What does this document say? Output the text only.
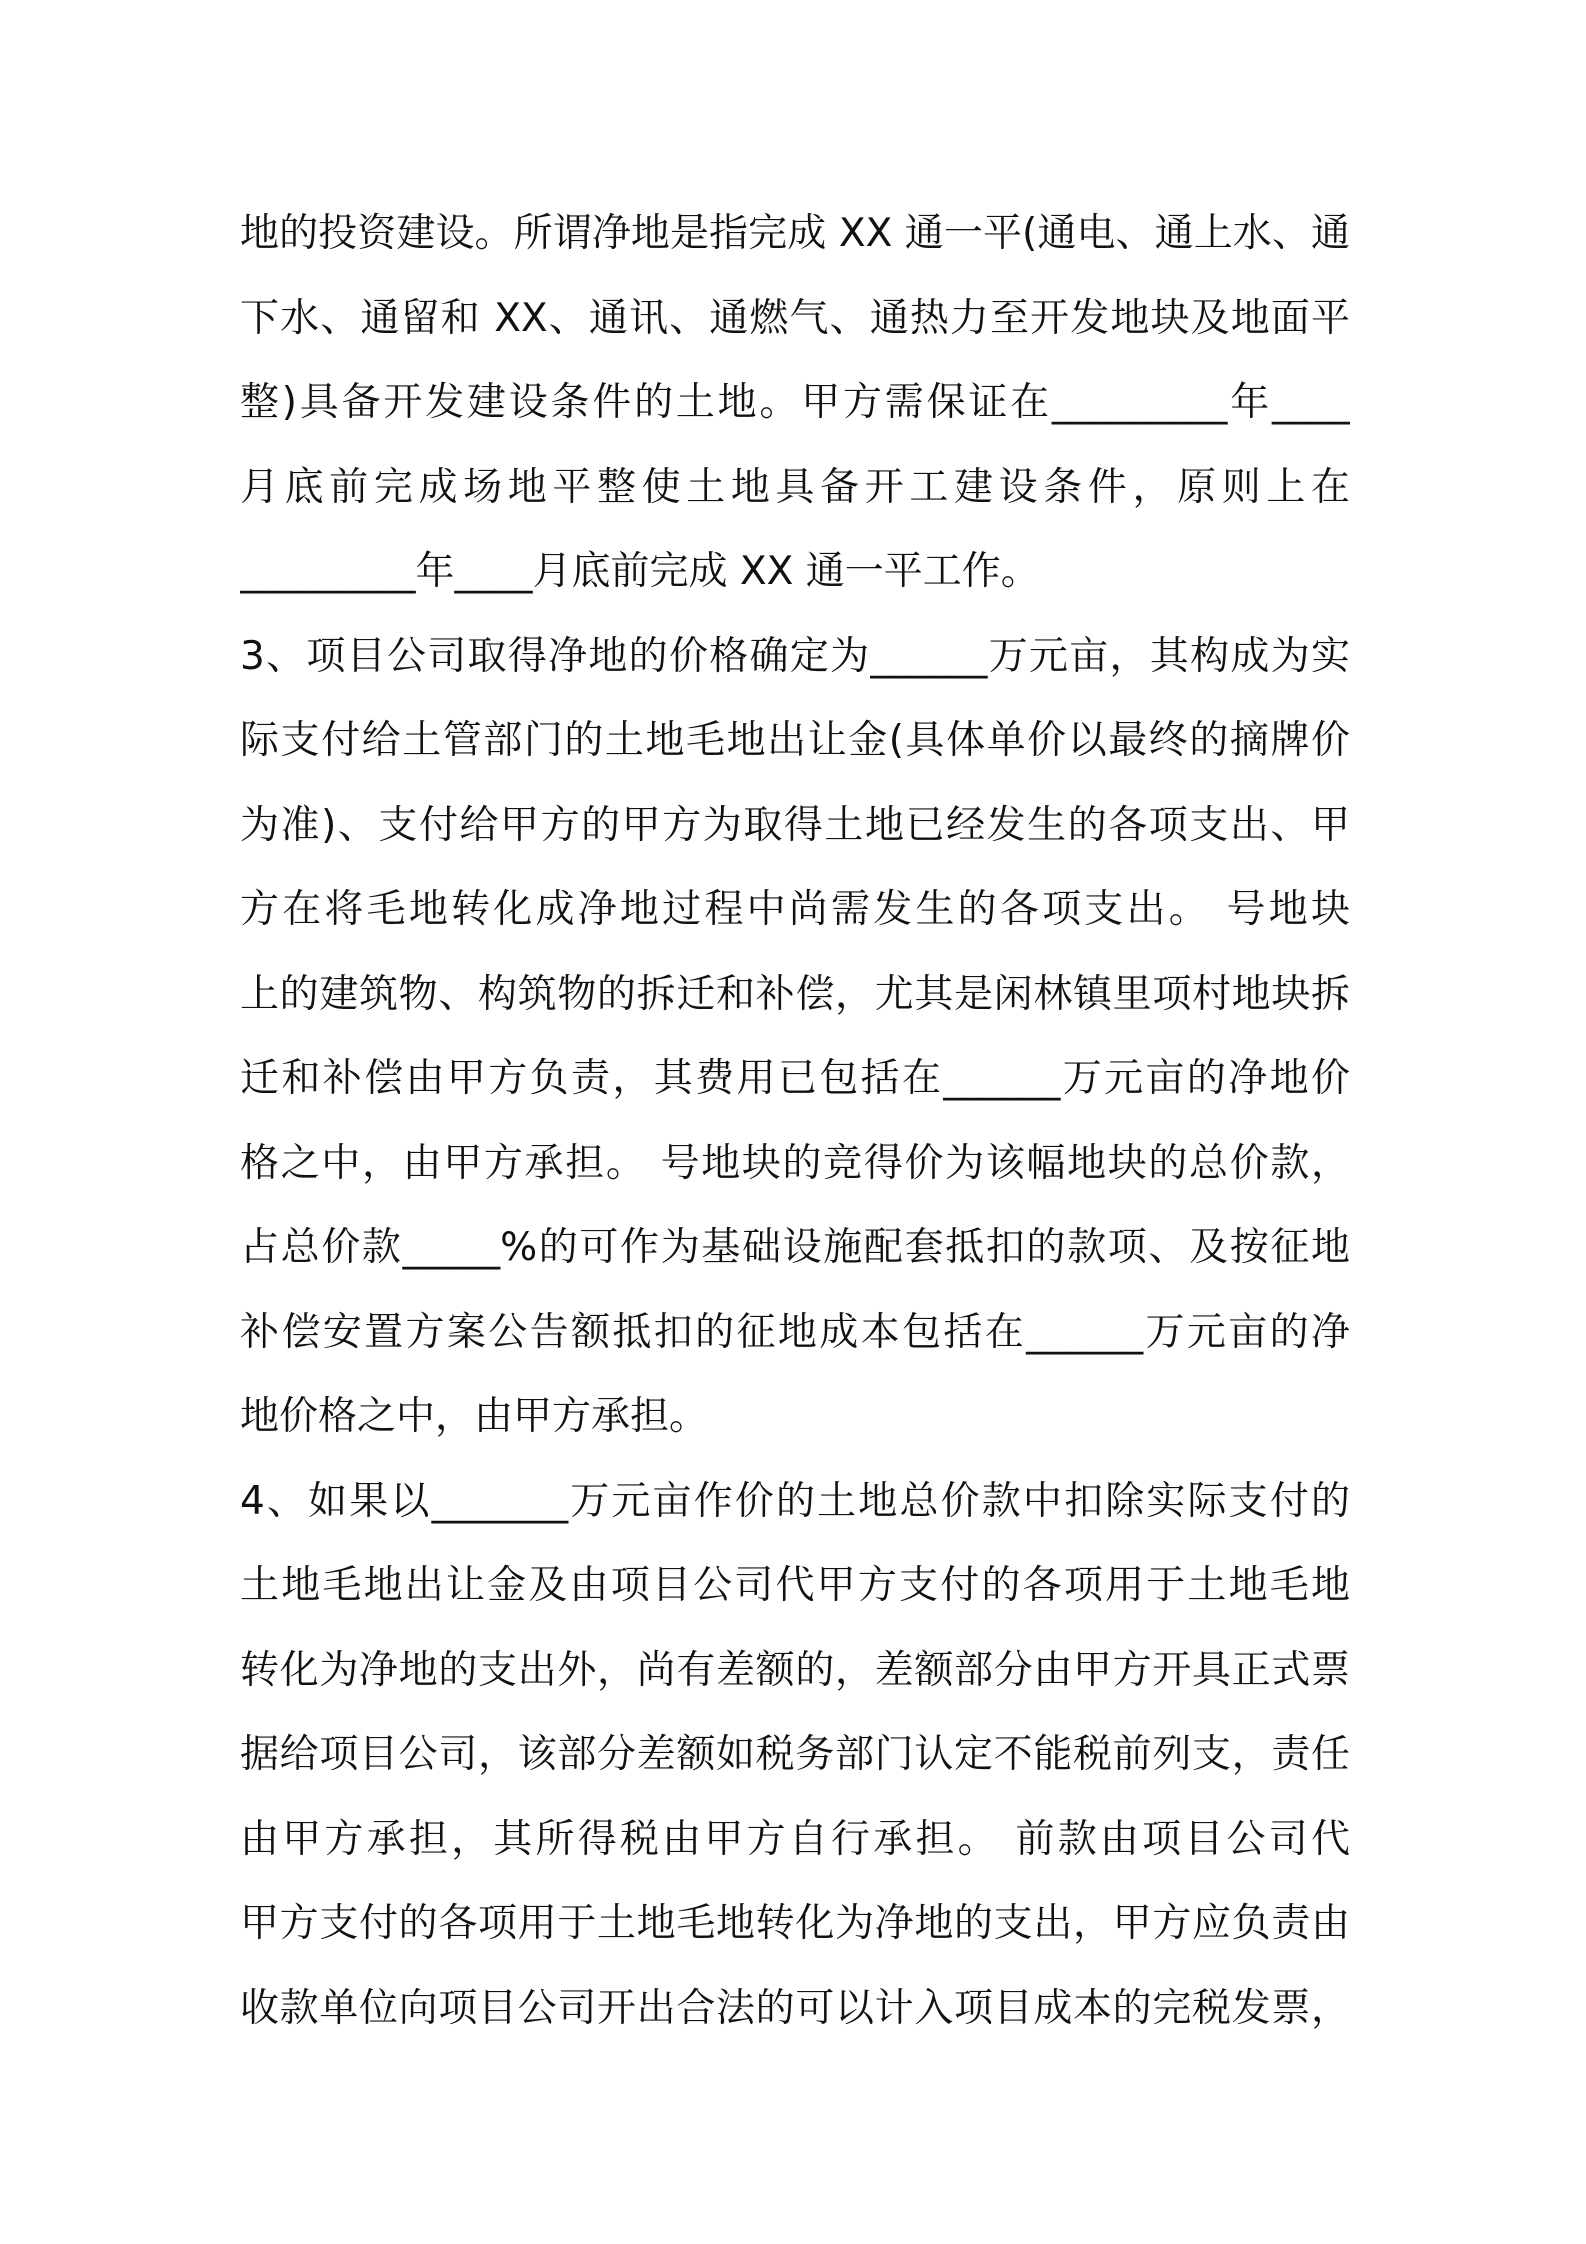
地的投资建设。所谓净地是指完成 XX 通一平(通电、通上水、通
下水、通留和 XX、通讯、通燃气、通热力至开发地块及地面平
整)具备开发建设条件的土地。甲方需保证在_________年____
月底前完成场地平整使土地具备开工建设条件，原则上在
_________年____月底前完成 XX 通一平工作。
3、项目公司取得净地的价格确定为______万元亩，其构成为实
际支付给土管部门的土地毛地出让金(具体单价以最终的摘牌价
为准)、支付给甲方的甲方为取得土地已经发生的各项支出、甲
方在将毛地转化成净地过程中尚需发生的各项支出。 号地块
上的建筑物、构筑物的拆迁和补偿，尤其是闲林镇里项村地块拆
迁和补偿由甲方负责，其费用已包括在______万元亩的净地价
格之中，由甲方承担。 号地块的竞得价为该幅地块的总价款，
占总价款_____%的可作为基础设施配套抵扣的款项、及按征地
补偿安置方案公告额抵扣的征地成本包括在______万元亩的净
地价格之中，由甲方承担。
4、如果以_______万元亩作价的土地总价款中扣除实际支付的
土地毛地出让金及由项目公司代甲方支付的各项用于土地毛地
转化为净地的支出外，尚有差额的，差额部分由甲方开具正式票
据给项目公司，该部分差额如税务部门认定不能税前列支，责任
由甲方承担，其所得税由甲方自行承担。 前款由项目公司代
甲方支付的各项用于土地毛地转化为净地的支出，甲方应负责由
收款单位向项目公司开出合法的可以计入项目成本的完税发票，
